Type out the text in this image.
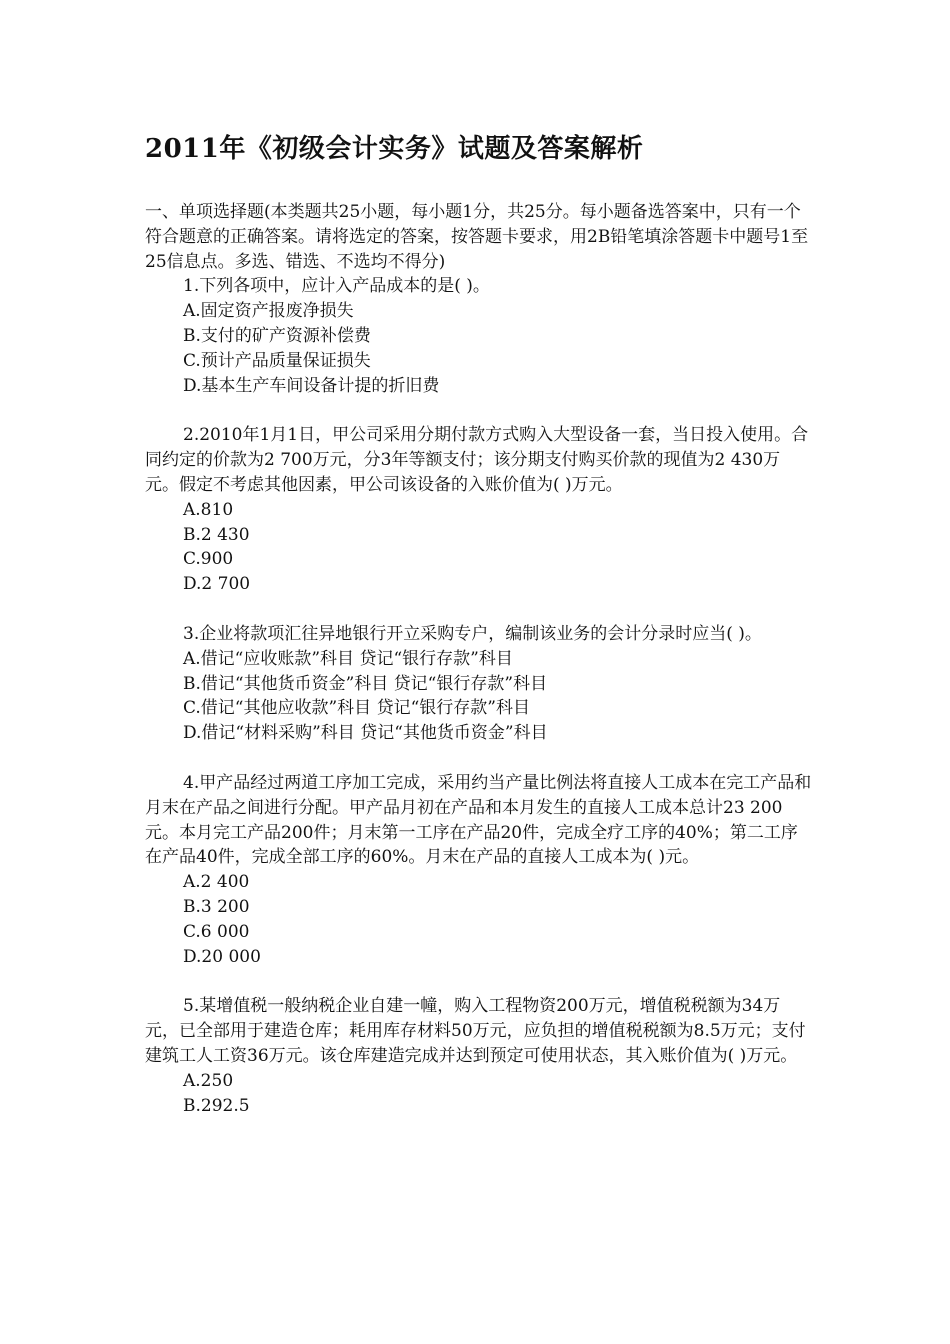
2011年《初级会计实务》试题及答案解析

一、单项选择题(本类题共25小题，每小题1分，共25分。每小题备选答案中，只有一个符合题意的正确答案。请将选定的答案，按答题卡要求，用2B铅笔填涂答题卡中题号1至25信息点。多选、错选、不选均不得分)

1.下列各项中，应计入产品成本的是( )。

A.固定资产报废净损失

B.支付的矿产资源补偿费

C.预计产品质量保证损失

D.基本生产车间设备计提的折旧费

2.2010年1月1日，甲公司采用分期付款方式购入大型设备一套，当日投入使用。合同约定的价款为2 700万元，分3年等额支付；该分期支付购买价款的现值为2 430万元。假定不考虑其他因素，甲公司该设备的入账价值为( )万元。

A.810

B.2 430

C.900

D.2 700

3.企业将款项汇往异地银行开立采购专户，编制该业务的会计分录时应当( )。

A.借记“应收账款”科目 贷记“银行存款”科目

B.借记“其他货币资金”科目 贷记“银行存款”科目

C.借记“其他应收款”科目 贷记“银行存款”科目

D.借记“材料采购”科目 贷记“其他货币资金”科目

4.甲产品经过两道工序加工完成，采用约当产量比例法将直接人工成本在完工产品和月末在产品之间进行分配。甲产品月初在产品和本月发生的直接人工成本总计23 200元。本月完工产品200件；月末第一工序在产品20件，完成全疗工序的40%；第二工序在产品40件，完成全部工序的60%。月末在产品的直接人工成本为( )元。

A.2 400

B.3 200

C.6 000

D.20 000

5.某增值税一般纳税企业自建一幢，购入工程物资200万元，增值税税额为34万元，已全部用于建造仓库；耗用库存材料50万元，应负担的增值税税额为8.5万元；支付建筑工人工资36万元。该仓库建造完成并达到预定可使用状态，其入账价值为( )万元。

A.250

B.292.5
